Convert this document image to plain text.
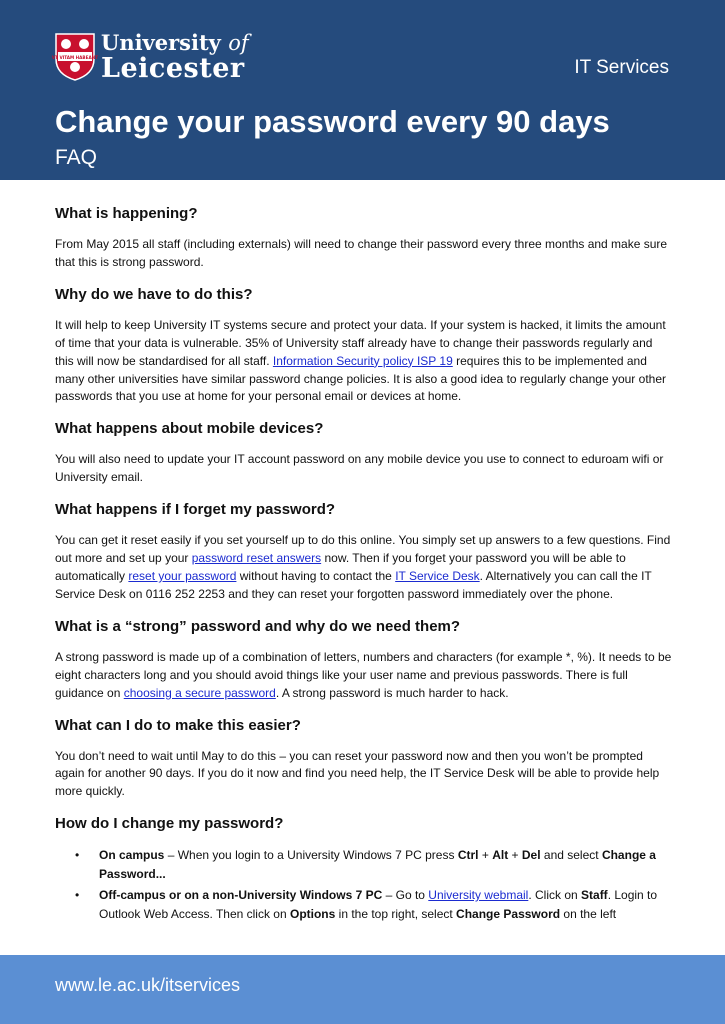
VT VITAM HABEANT
University of
Leicester	IT Services
Change your password every 90 days
FAQ
What is happening?

From May 2015 all staff (including externals) will need to change their password every three months and make sure that this is strong password.

Why do we have to do this?

It will help to keep University IT systems secure and protect your data. If your system is hacked, it limits the amount of time that your data is vulnerable. 35% of University staff already have to change their passwords regularly and this will now be standardised for all staff. Information Security policy ISP 19 requires this to be implemented and many other universities have similar password change policies. It is also a good idea to regularly change your other passwords that you use at home for your personal email or devices at home.

What happens about mobile devices?

You will also need to update your IT account password on any mobile device you use to connect to eduroam wifi or University email.

What happens if I forget my password?

You can get it reset easily if you set yourself up to do this online. You simply set up answers to a few questions. Find out more and set up your password reset answers now. Then if you forget your password you will be able to automatically reset your password without having to contact the IT Service Desk. Alternatively you can call the IT Service Desk on 0116 252 2253 and they can reset your forgotten password immediately over the phone.

What is a “strong” password and why do we need them?

A strong password is made up of a combination of letters, numbers and characters (for example *, %). It needs to be eight characters long and you should avoid things like your user name and previous passwords. There is full guidance on choosing a secure password. A strong password is much harder to hack.

What can I do to make this easier?

You don’t need to wait until May to do this – you can reset your password now and then you won’t be prompted again for another 90 days. If you do it now and find you need help, the IT Service Desk will be able to provide help more quickly.

How do I change my password?
• On campus – When you login to a University Windows 7 PC press Ctrl + Alt + Del and select Change a Password...
• Off-campus or on a non-University Windows 7 PC – Go to University webmail. Click on Staff. Login to Outlook Web Access. Then click on Options in the top right, select Change Password on the left
www.le.ac.uk/itservices
